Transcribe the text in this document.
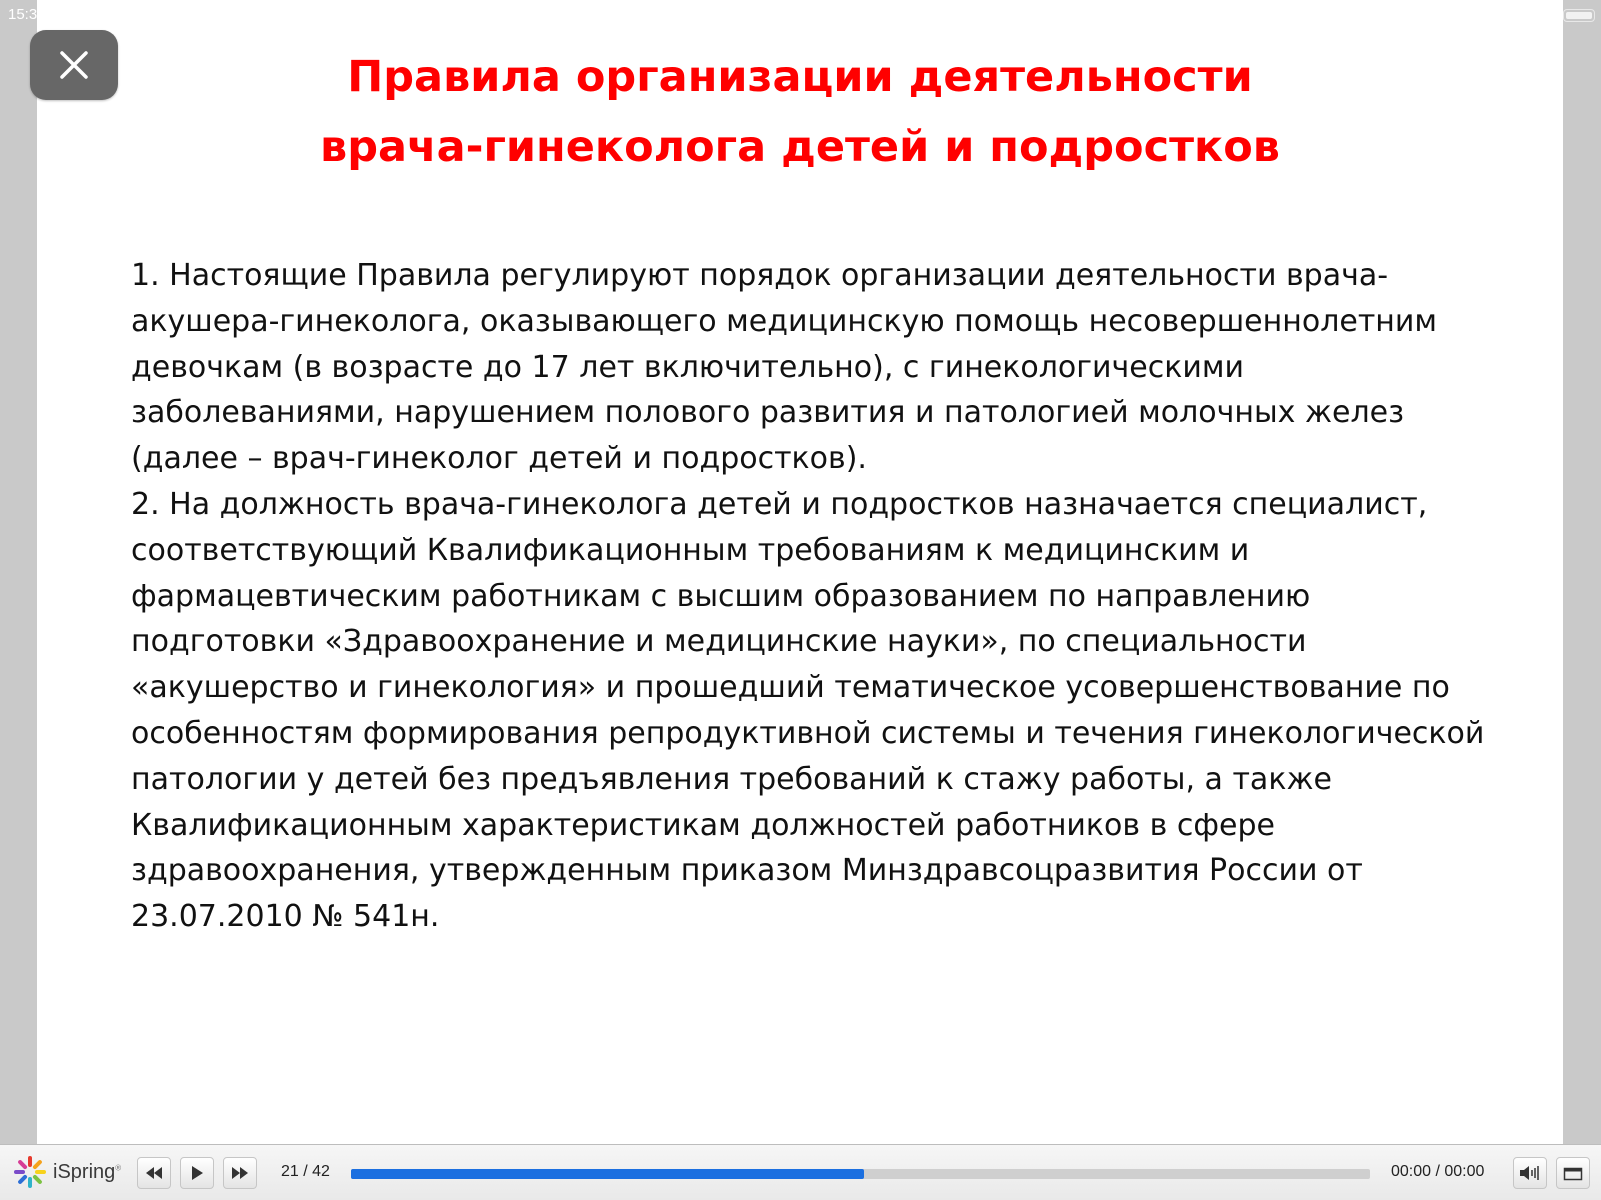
15:3
Правила организации деятельности
врача-гинеколога детей и подростков

1. Настоящие Правила регулируют порядок организации деятельности врача-акушера-гинеколога, оказывающего медицинскую помощь несовершеннолетним девочкам (в возрасте до 17 лет включительно), с гинекологическими заболеваниями, нарушением полового развития и патологией молочных желез (далее – врач-гинеколог детей и подростков).

2. На должность врача-гинеколога детей и подростков назначается специалист, соответствующий Квалификационным требованиям к медицинским и фармацевтическим работникам с высшим образованием по направлению подготовки «Здравоохранение и медицинские науки», по специальности «акушерство и гинекология» и прошедший тематическое усовершенствование по особенностям формирования репродуктивной системы и течения гинекологической патологии у детей без предъявления требований к стажу работы, а также Квалификационным характеристикам должностей работников в сфере здравоохранения, утвержденным приказом Минздравсоцразвития России от 23.07.2010 № 541н.

iSpring®	21 / 42	00:00 / 00:00
